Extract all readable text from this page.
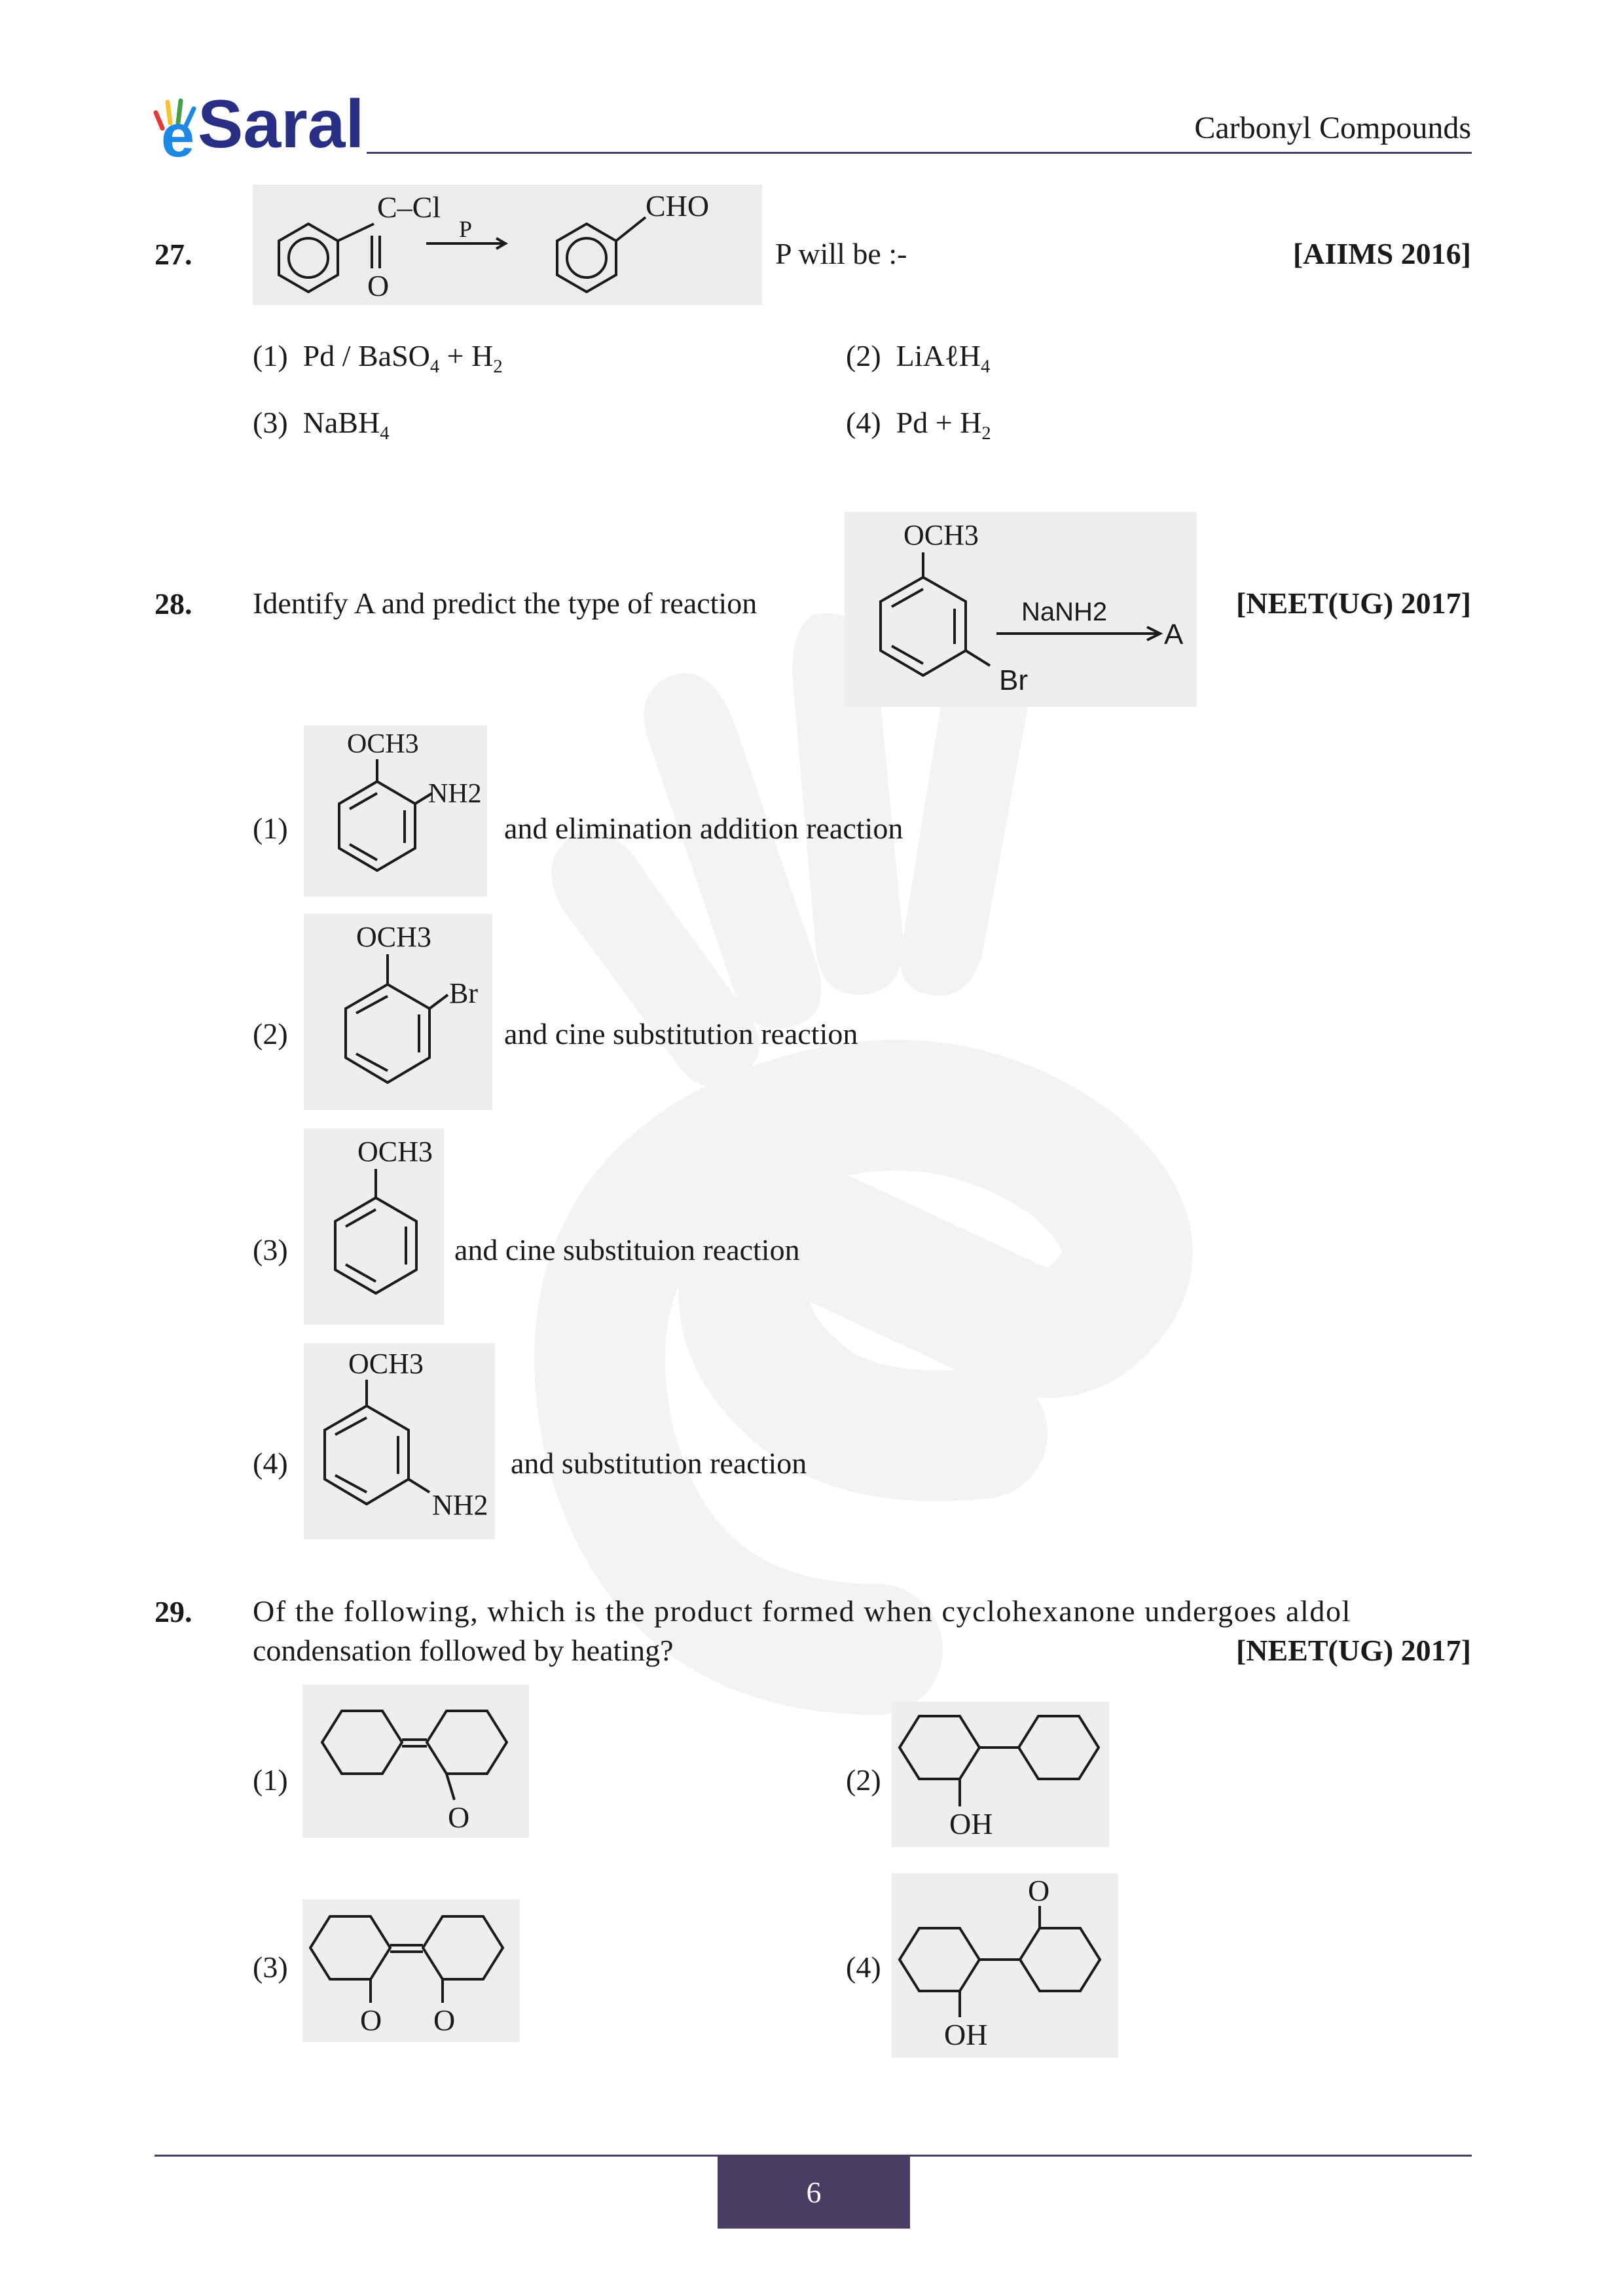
e Saral	Carbonyl Compounds
27.
C–Cl
O
P
CHO
P will be :-	[AIIMS 2016]
(1) Pd / BaSO$_4$ + $H_2$	(2) LiAℓH$_4$
(3) NaBH$_4$	(4) $Pd + H_2$
28. Identify A and predict the type of reaction
OCH3
NaNH2
A
Br
[NEET(UG) 2017]
(1)
OCH3
NH2
and elimination addition reaction
(2)
OCH3
Br
and cine substitution reaction
(3)
OCH3
and cine substituion reaction
(4)
OCH3
NH2
and substitution reaction
29. Of the following, which is the product formed when cyclohexanone undergoes aldol
condensation followed by heating?	[NEET(UG) 2017]
(1)
O
(2)
OH
(3)
O O
(4)
O
OH
6
